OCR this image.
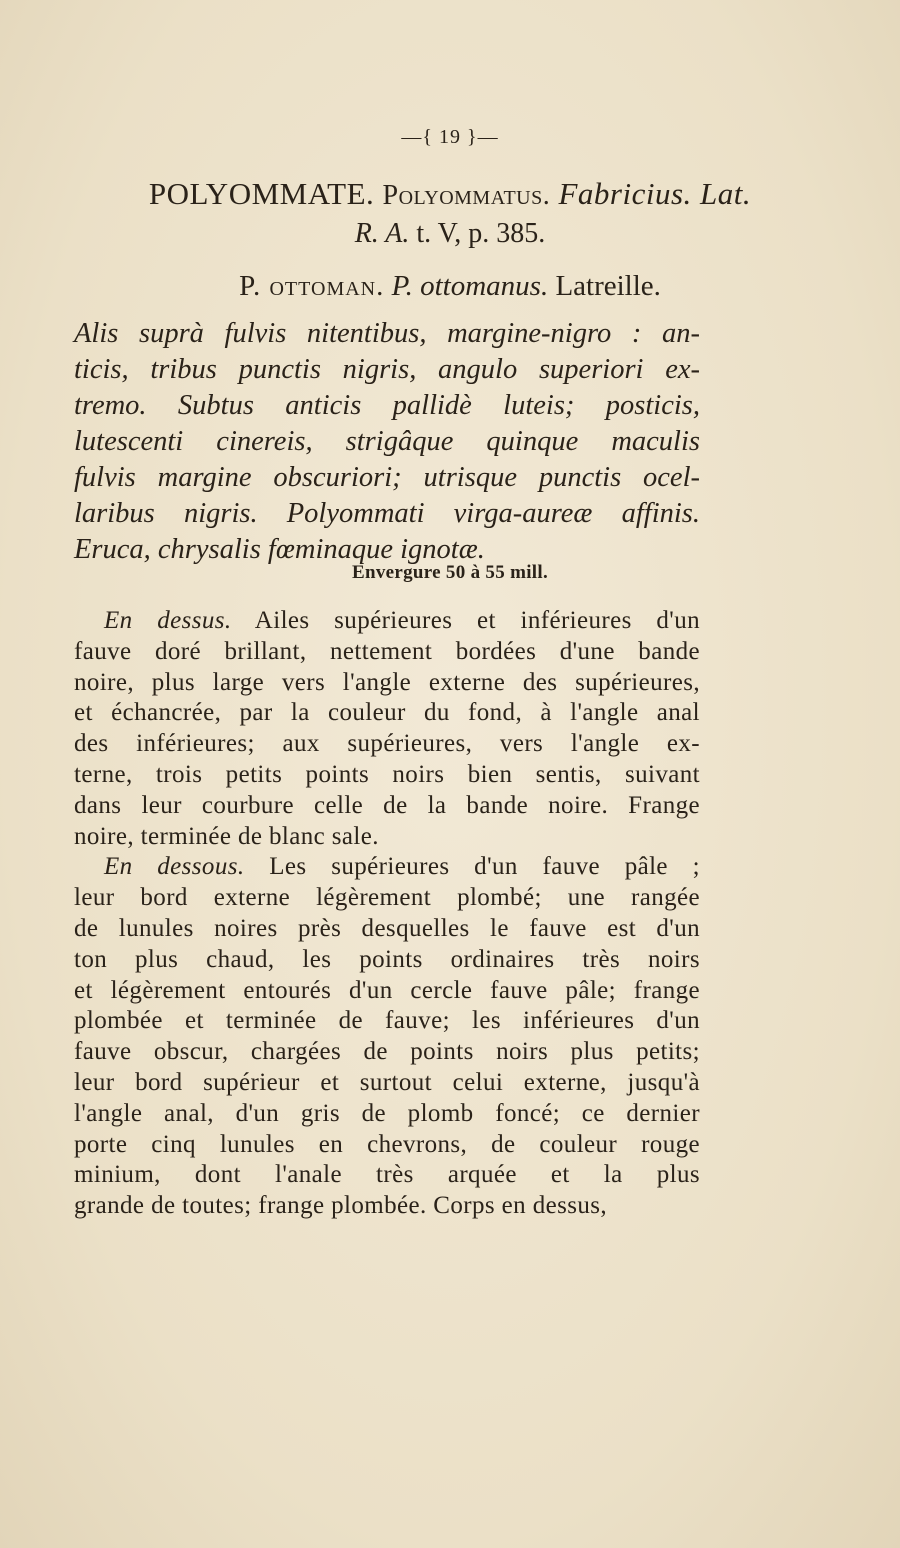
—{ 19 }—
POLYOMMATE. Polyommatus. Fabricius. Lat.
R. A. t. V, p. 385.
P. ottoman. P. ottomanus. Latreille.
Alis suprà fulvis nitentibus, margine-nigro : an-
ticis, tribus punctis nigris, angulo superiori ex-
tremo. Subtus anticis pallidè luteis; posticis,
lutescenti cinereis, strigâque quinque maculis
fulvis margine obscuriori; utrisque punctis ocel-
laribus nigris. Polyommati virga-aureæ affinis.
Eruca, chrysalis fœminaque ignotæ.
Envergure 50 à 55 mill.
En dessus. Ailes supérieures et inférieures d'un
fauve doré brillant, nettement bordées d'une bande
noire, plus large vers l'angle externe des supérieures,
et échancrée, par la couleur du fond, à l'angle anal
des inférieures; aux supérieures, vers l'angle ex-
terne, trois petits points noirs bien sentis, suivant
dans leur courbure celle de la bande noire. Frange
noire, terminée de blanc sale.
En dessous. Les supérieures d'un fauve pâle ;
leur bord externe légèrement plombé; une rangée
de lunules noires près desquelles le fauve est d'un
ton plus chaud, les points ordinaires très noirs
et légèrement entourés d'un cercle fauve pâle; frange
plombée et terminée de fauve; les inférieures d'un
fauve obscur, chargées de points noirs plus petits;
leur bord supérieur et surtout celui externe, jusqu'à
l'angle anal, d'un gris de plomb foncé; ce dernier
porte cinq lunules en chevrons, de couleur rouge
minium, dont l'anale très arquée et la plus
grande de toutes; frange plombée. Corps en dessus,
